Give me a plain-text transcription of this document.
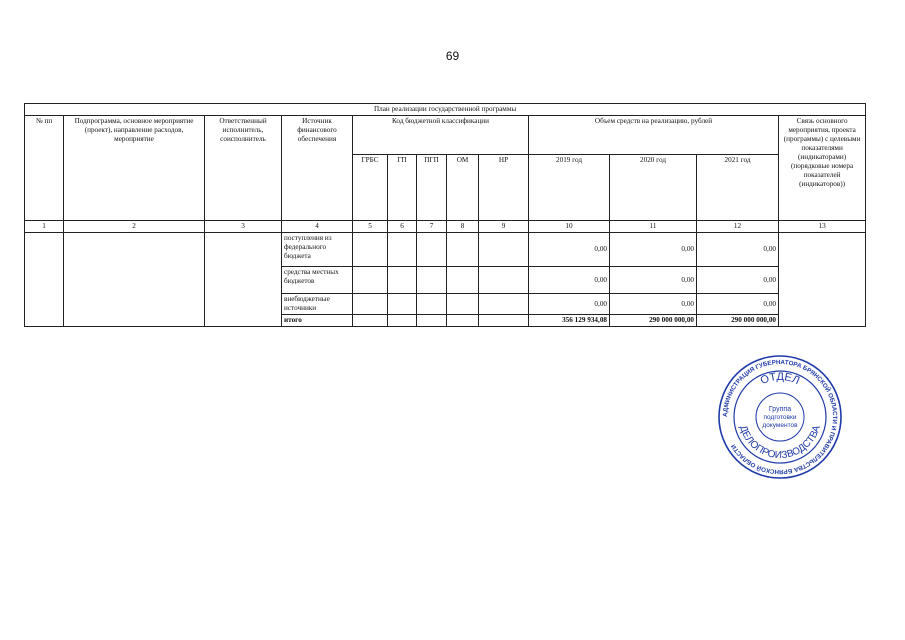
69
План реализации государственной программы												
№ пп	Подпрограмма, основное мероприятие (проект), направление расходов, мероприятие	Ответственный исполнитель, соисполнитель	Источник финансового обеспечения	Код бюджетной классификации					Объем средств на реализацию, рублей			Связь основного мероприятия, проекта (программы) с целевыми показателями (индикаторами) (порядковые номера показателей (индикаторов))
				ГРБС	ГП	ПГП	ОМ	НР	2019 год	2020 год	2021 год	
1	2	3	4	5	6	7	8	9	10	11	12	13
			поступления из федерального бюджета						0,00	0,00	0,00	
			средства местных бюджетов						0,00	0,00	0,00	
			внебюджетные источники						0,00	0,00	0,00	
			итого						356 129 934,08	290 000 000,00	290 000 000,00	
АДМИНИСТРАЦИЯ ГУБЕРНАТОРА БРЯНСКОЙ ОБЛАСТИ И ПРАВИТЕЛЬСТВА БРЯНСКОЙ ОБЛАСТИ
ОТДЕЛ
ДЕЛОПРОИЗВОДСТВА
Группа
подготовки
документов
